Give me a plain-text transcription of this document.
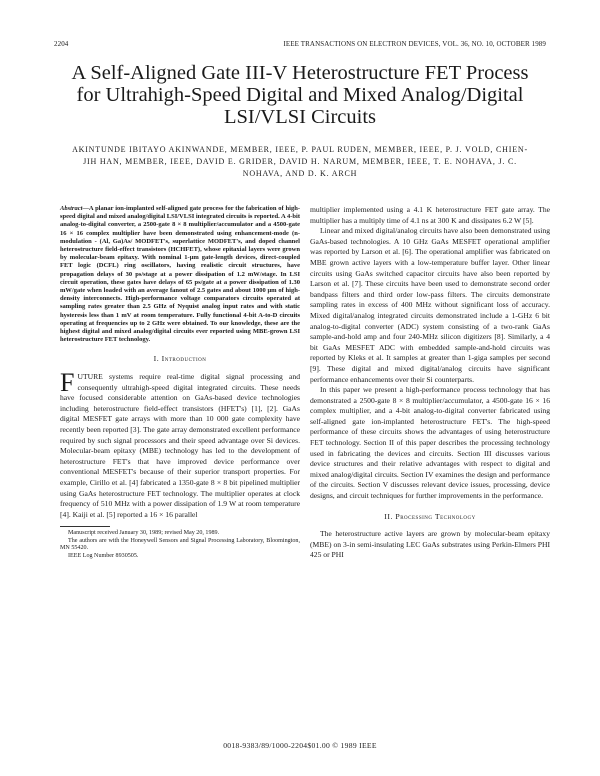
2204	IEEE TRANSACTIONS ON ELECTRON DEVICES, VOL. 36, NO. 10, OCTOBER 1989
A Self-Aligned Gate III-V Heterostructure FET Process for Ultrahigh-Speed Digital and Mixed Analog/Digital LSI/VLSI Circuits
AKINTUNDE IBITAYO AKINWANDE, MEMBER, IEEE, P. PAUL RUDEN, MEMBER, IEEE, P. J. VOLD, CHIEN-JIH HAN, MEMBER, IEEE, DAVID E. GRIDER, DAVID H. NARUM, MEMBER, IEEE, T. E. NOHAVA, J. C. NOHAVA, AND D. K. ARCH

Abstract—A planar ion-implanted self-aligned gate process for the fabrication of high-speed digital and mixed analog/digital LSI/VLSI integrated circuits is reported. A 4-bit analog-to-digital converter, a 2500-gate 8 × 8 multiplier/accumulator and a 4500-gate 16 × 16 complex multiplier have been demonstrated using enhancement-mode (n-modulation - (Al, Ga)As/ MODFET's, superlattice MODFET's, and doped channel heterostructure field-effect transistors (HCHFET), whose epitaxial layers were grown by molecular-beam epitaxy. With nominal 1-μm gate-length devices, direct-coupled FET logic (DCFL) ring oscillators, having realistic circuit structures, have propagation delays of 30 ps/stage at a power dissipation of 1.2 mW/stage. In LSI circuit operation, these gates have delays of 65 ps/gate at a power dissipation of 1.30 mW/gate when loaded with an average fanout of 2.5 gates and about 1000 μm of high-density interconnects. High-performance voltage comparators circuits operated at sampling rates greater than 2.5 GHz of Nyquist analog input rates and with static hysteresis less than 1 mV at room temperature. Fully functional 4-bit A-to-D circuits operating at frequencies up to 2 GHz were obtained. To our knowledge, these are the highest digital and mixed analog/digital circuits ever reported using MBE-grown LSI heterostructure FET technology.

I. Introduction

FUTURE systems require real-time digital signal processing and consequently ultrahigh-speed digital integrated circuits. These needs have focused considerable attention on GaAs-based device technologies including heterostructure field-effect transistors (HFET's) [1], [2]. GaAs digital MESFET gate arrays with more than 10 000 gate complexity have recently been reported [3]. The gate array demonstrated excellent performance required by such signal processors and their speed advantage over Si devices. Molecular-beam epitaxy (MBE) technology has led to the development of heterostructure FET's that have improved device performance over conventional MESFET's because of their superior transport properties. For example, Cirillo et al. [4] fabricated a 1350-gate 8 × 8 bit pipelined multiplier using GaAs heterostructure FET technology. The multiplier operates at clock frequency of 510 MHz with a power dissipation of 1.9 W at room temperature [4]. Kaiji et al. [5] reported a 16 × 16 parallel

Manuscript received January 30, 1989; revised May 20, 1989.

The authors are with the Honeywell Sensors and Signal Processing Laboratory, Bloomington, MN 55420.

IEEE Log Number 8930505.

multiplier implemented using a 4.1 K heterostructure FET gate array. The multiplier has a multiply time of 4.1 ns at 300 K and dissipates 6.2 W [5].

Linear and mixed digital/analog circuits have also been demonstrated using GaAs-based technologies. A 10 GHz GaAs MESFET operational amplifier was reported by Larson et al. [6]. The operational amplifier was fabricated on MBE grown active layers with a low-temperature buffer layer. Other linear circuits using GaAs switched capacitor circuits have also been reported by Larson et al. [7]. These circuits have been used to demonstrate second order bandpass filters and third order low-pass filters. The circuits demonstrate sampling rates in excess of 400 MHz without significant loss of accuracy. Mixed digital/analog integrated circuits demonstrated include a 1-GHz 6 bit analog-to-digital converter (ADC) system consisting of a two-rank GaAs sample-and-hold amp and four 240-MHz silicon digitizers [8]. Similarly, a 4 bit GaAs MESFET ADC with embedded sample-and-hold circuits was reported by Kleks et al. It samples at greater than 1-giga samples per second [9]. These digital and mixed digital/analog circuits have significant performance enhancements over their Si counterparts.

In this paper we present a high-performance process technology that has demonstrated a 2500-gate 8 × 8 multiplier/accumulator, a 4500-gate 16 × 16 complex multiplier, and a 4-bit analog-to-digital converter fabricated using self-aligned gate ion-implanted heterostructure FET's. The high-speed performance of these circuits shows the advantages of using heterostructure FET technology. Section II of this paper describes the processing technology used in fabricating the devices and circuits. Section III discusses various device structures and their relative advantages with respect to digital and mixed analog/digital circuits. Section IV examines the design and performance of the circuits. Section V discusses relevant device issues, processing, device designs, and circuit techniques for further improvements in the performance.

II. Processing Technology

The heterostructure active layers are grown by molecular-beam epitaxy (MBE) on 3-in semi-insulating LEC GaAs substrates using Perkin-Elmers PHI 425 or PHI

0018-9383/89/1000-2204$01.00 © 1989 IEEE
